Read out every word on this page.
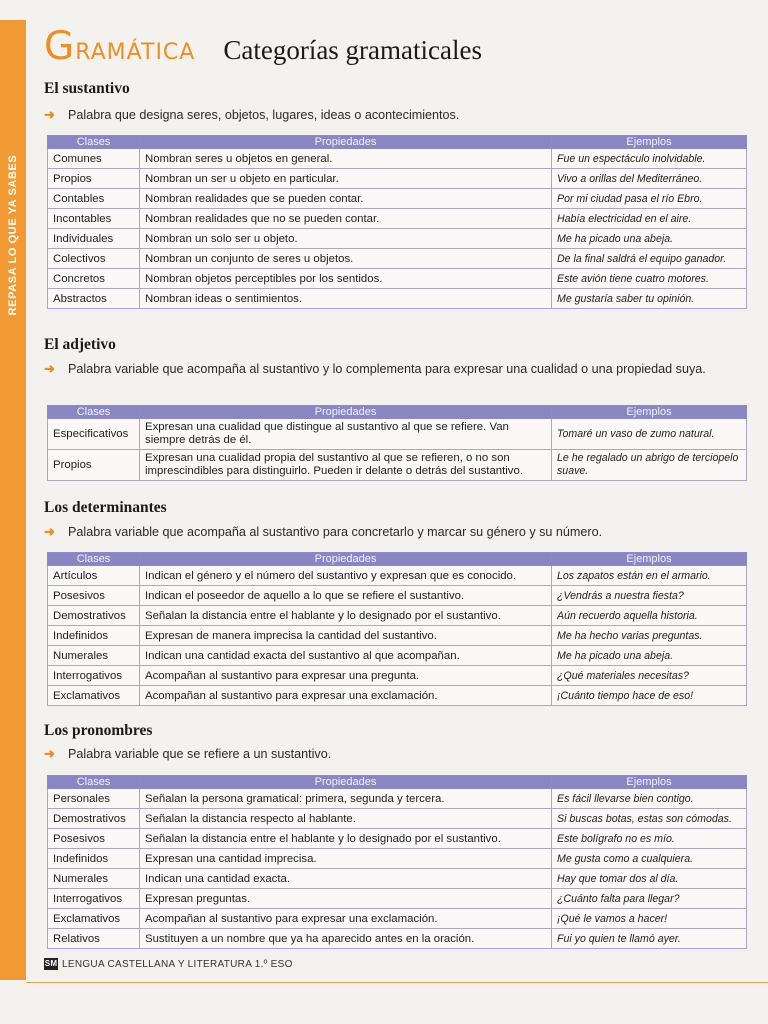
REPASA LO QUE YA SABES
GRAMÁTICA Categorías gramaticales
El sustantivo
➜ Palabra que designa seres, objetos, lugares, ideas o acontecimientos.
Clases	Propiedades	Ejemplos
Comunes	Nombran seres u objetos en general.	Fue un espectáculo inolvidable.
Propios	Nombran un ser u objeto en particular.	Vivo a orillas del Mediterráneo.
Contables	Nombran realidades que se pueden contar.	Por mi ciudad pasa el río Ebro.
Incontables	Nombran realidades que no se pueden contar.	Había electricidad en el aire.
Individuales	Nombran un solo ser u objeto.	Me ha picado una abeja.
Colectivos	Nombran un conjunto de seres u objetos.	De la final saldrá el equipo ganador.
Concretos	Nombran objetos perceptibles por los sentidos.	Este avión tiene cuatro motores.
Abstractos	Nombran ideas o sentimientos.	Me gustaría saber tu opinión.
El adjetivo
➜ Palabra variable que acompaña al sustantivo y lo complementa para expresar una cualidad o una propiedad suya.
Clases	Propiedades	Ejemplos
Especificativos	Expresan una cualidad que distingue al sustantivo al que se refiere. Van siempre detrás de él.	Tomaré un vaso de zumo natural.
Propios	Expresan una cualidad propia del sustantivo al que se refieren, o no son imprescindibles para distinguirlo. Pueden ir delante o detrás del sustantivo.	Le he regalado un abrigo de terciopelo suave.
Los determinantes
➜ Palabra variable que acompaña al sustantivo para concretarlo y marcar su género y su número.
Clases	Propiedades	Ejemplos
Artículos	Indican el género y el número del sustantivo y expresan que es conocido.	Los zapatos están en el armario.
Posesivos	Indican el poseedor de aquello a lo que se refiere el sustantivo.	¿Vendrás a nuestra fiesta?
Demostrativos	Señalan la distancia entre el hablante y lo designado por el sustantivo.	Aún recuerdo aquella historia.
Indefinidos	Expresan de manera imprecisa la cantidad del sustantivo.	Me ha hecho varias preguntas.
Numerales	Indican una cantidad exacta del sustantivo al que acompañan.	Me ha picado una abeja.
Interrogativos	Acompañan al sustantivo para expresar una pregunta.	¿Qué materiales necesitas?
Exclamativos	Acompañan al sustantivo para expresar una exclamación.	¡Cuánto tiempo hace de eso!
Los pronombres
➜ Palabra variable que se refiere a un sustantivo.
Clases	Propiedades	Ejemplos
Personales	Señalan la persona gramatical: primera, segunda y tercera.	Es fácil llevarse bien contigo.
Demostrativos	Señalan la distancia respecto al hablante.	Si buscas botas, estas son cómodas.
Posesivos	Señalan la distancia entre el hablante y lo designado por el sustantivo.	Este bolígrafo no es mío.
Indefinidos	Expresan una cantidad imprecisa.	Me gusta como a cualquiera.
Numerales	Indican una cantidad exacta.	Hay que tomar dos al día.
Interrogativos	Expresan preguntas.	¿Cuánto falta para llegar?
Exclamativos	Acompañan al sustantivo para expresar una exclamación.	¡Qué le vamos a hacer!
Relativos	Sustituyen a un nombre que ya ha aparecido antes en la oración.	Fui yo quien te llamó ayer.
SM LENGUA CASTELLANA Y LITERATURA 1.º ESO
